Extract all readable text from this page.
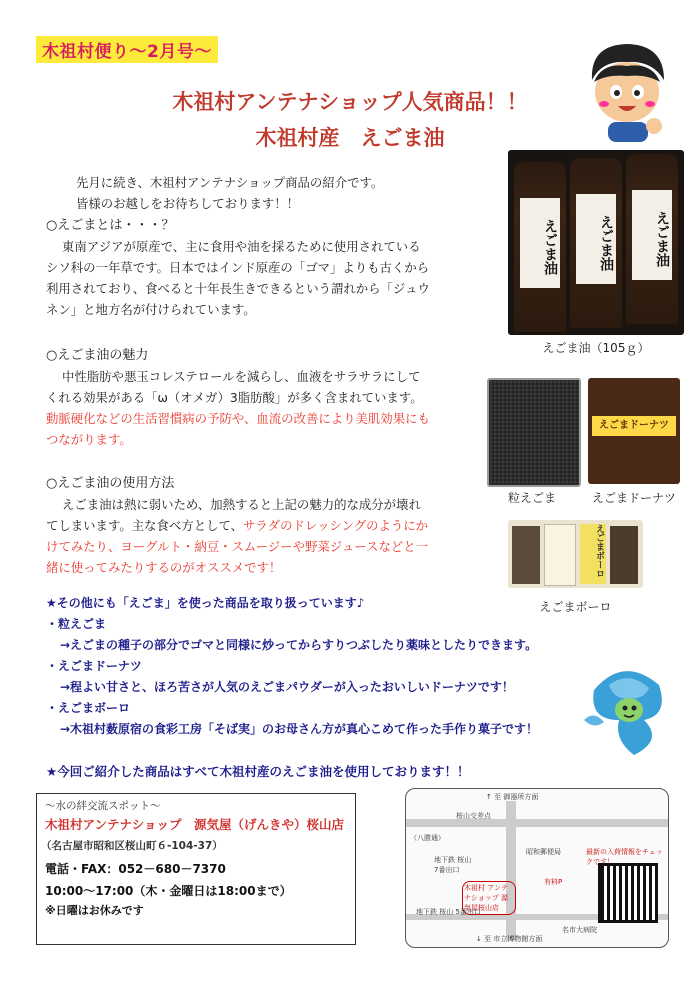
木祖村便り〜2月号〜
木祖村アンテナショップ人気商品！！
木祖村産　えごま油
先月に続き、木祖村アンテナショップ商品の紹介です。
皆様のお越しをお待ちしております！！
○えごまとは・・・？
東南アジアが原産で、主に食用や油を採るために使用されている
シソ科の一年草です。日本ではインド原産の「ゴマ」よりも古くから
利用されており、食べると十年長生きできるという謂れから「ジュウ
ネン」と地方名が付けられています。
○えごま油の魅力
中性脂肪や悪玉コレステロールを減らし、血液をサラサラにして
くれる効果がある「ω（オメガ）3脂肪酸」が多く含まれています。
動脈硬化などの生活習慣病の予防や、血流の改善により美肌効果にも
つながります。
○えごま油の使用方法
えごま油は熱に弱いため、加熱すると上記の魅力的な成分が壊れ
てしまいます。主な食べ方として、サラダのドレッシングのようにか
けてみたり、ヨーグルト・納豆・スムージーや野菜ジュースなどと一
緒に使ってみたりするのがオススメです！
えごま油	えごま油	えごま油
えごま油（105ｇ）
粒えごま
えごまドーナツ
えごまドーナツ
えごまボーロ
えごまボーロ
★その他にも「えごま」を使った商品を取り扱っています♪
・粒えごま
→えごまの種子の部分でゴマと同様に炒ってからすりつぶしたり薬味としたりできます。
・えごまドーナツ
→程よい甘さと、ほろ苦さが人気のえごまパウダーが入ったおいしいドーナツです！
・えごまボーロ
→木祖村薮原宿の食彩工房「そば実」のお母さん方が真心こめて作った手作り菓子です！
★今回ご紹介した商品はすべて木祖村産のえごま油を使用しております！！
〜水の絆交流スポット〜
木祖村アンテナショップ　源気屋（げんきや）桜山店
（名古屋市昭和区桜山町６-104-37）
電話・FAX：052－680－7370
10:00〜17:00（木・金曜日は18:00まで）
※日曜はお休みです
↑ 至 御器所方面
桜山交差点
（八勝通）
昭和郵便局
地下鉄 桜山 7番出口
有料P
木祖村 アンテナショップ 源気屋桜山店
地下鉄 桜山 5番出口
名市大病院
↓ 至 市立博物館方面
最新の入荷情報をチェックです！
